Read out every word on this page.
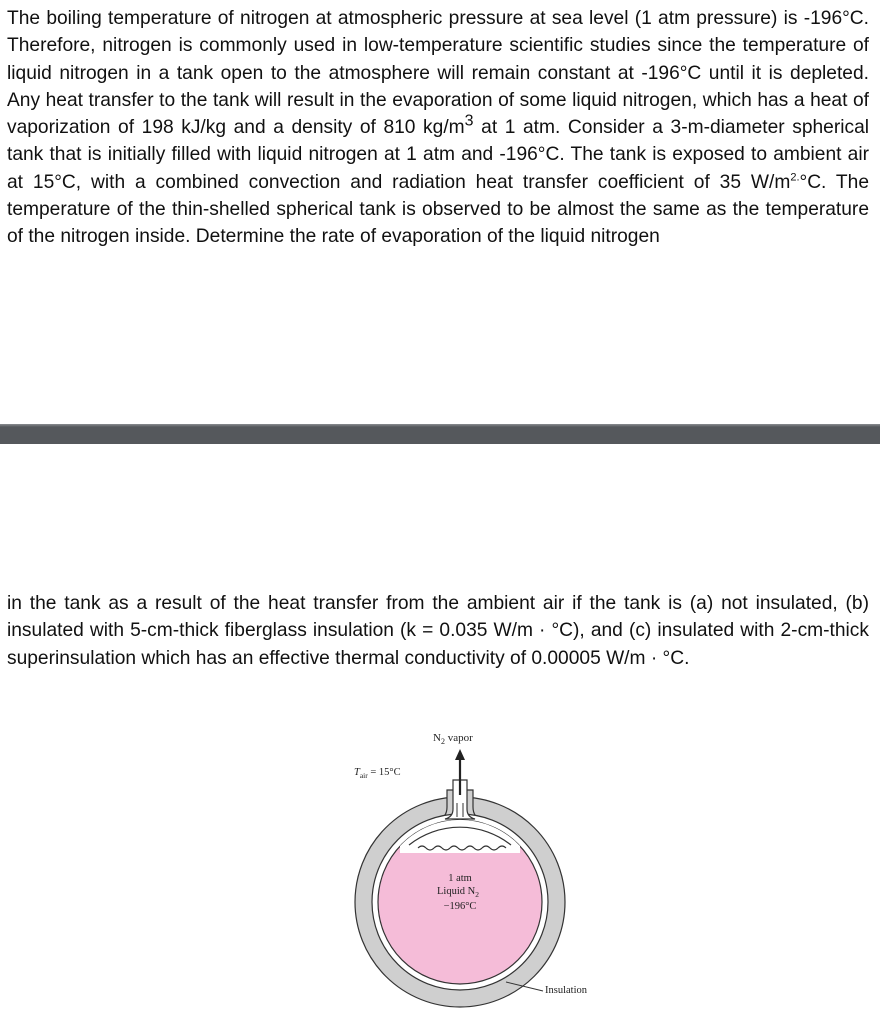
The boiling temperature of nitrogen at atmospheric pressure at sea level (1 atm pressure) is -196°C. Therefore, nitrogen is commonly used in low-temperature scientific studies since the temperature of liquid nitrogen in a tank open to the atmosphere will remain constant at -196°C until it is depleted. Any heat transfer to the tank will result in the evaporation of some liquid nitrogen, which has a heat of vaporization of 198 kJ/kg and a density of 810 $kg/m^3$ at 1 atm. Consider a 3-m-diameter spherical tank that is initially filled with liquid nitrogen at 1 atm and -196°C. The tank is exposed to ambient air at 15°C, with a combined convection and radiation heat transfer coefficient of 35 $W/m^{2.}^\circ C$. The temperature of the thin-shelled spherical tank is observed to be almost the same as the temperature of the nitrogen inside. Determine the rate of evaporation of the liquid nitrogen

in the tank as a result of the heat transfer from the ambient air if the tank is (a) not insulated, (b) insulated with 5-cm-thick fiberglass insulation (k = 0.035 W/m · °C), and (c) insulated with 2-cm-thick superinsulation which has an effective thermal conductivity of 0.00005 W/m · °C.

$N_2$ vapor
$T_{air} = 15^\circ C$
1 atm
Liquid $N_2$
−196°C
Insulation
